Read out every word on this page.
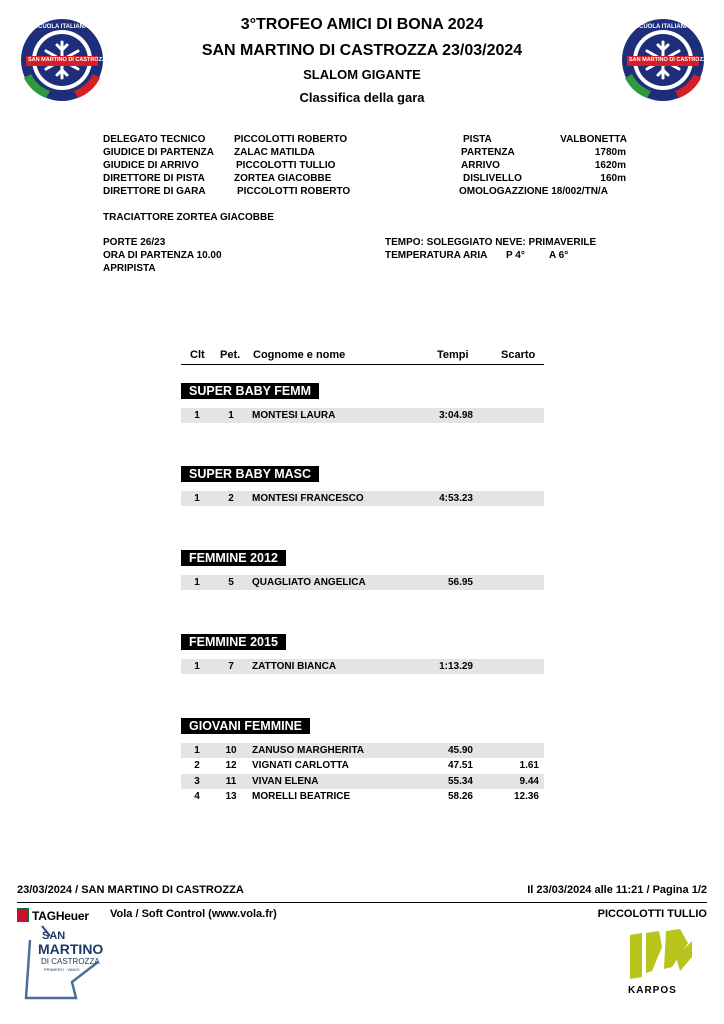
SCUOLA ITALIANA SCI
SAN MARTINO DI CASTROZZA
SCUOLA ITALIANA SCI
SAN MARTINO DI CASTROZZA
3°TROFEO AMICI DI BONA 2024
SAN MARTINO DI CASTROZZA 23/03/2024
SLALOM GIGANTE
Classifica della gara
DELEGATO TECNICO	PICCOLOTTI ROBERTO
GIUDICE DI PARTENZA ZALAC MATILDA
GIUDICE DI ARRIVO	PICCOLOTTI TULLIO
DIRETTORE DI PISTA	ZORTEA GIACOBBE
DIRETTORE DI GARA	PICCOLOTTI ROBERTO
PISTA	VALBONETTA
PARTENZA	1780m
ARRIVO	1620m
DISLIVELLO	160m
OMOLOGAZZIONE 18/002/TN/A
TRACIATTORE ZORTEA GIACOBBE
PORTE 26/23
ORA DI PARTENZA 10.00
APRIPISTA
TEMPO: SOLEGGIATO NEVE: PRIMAVERILE
TEMPERATURA ARIA P 4° A 6°
Clt Pet. Cognome e nome	Tempi	Scarto
SUPER BABY FEMM
1	1	MONTESI LAURA	3:04.98
SUPER BABY MASC
1	2	MONTESI FRANCESCO	4:53.23
FEMMINE 2012
1	5	QUAGLIATO ANGELICA	56.95
FEMMINE 2015
1	7	ZATTONI BIANCA	1:13.29
GIOVANI FEMMINE
1	10 ZANUSO MARGHERITA	45.90
2	12 VIGNATI CARLOTTA	47.51	1.61
3	11 VIVAN ELENA	55.34	9.44
4	13 MORELLI BEATRICE	58.26	12.36
23/03/2024 / SAN MARTINO DI CASTROZZA	Il 23/03/2024 alle 11:21 / Pagina 1/2
TAGHeuer Vola / Soft Control (www.vola.fr)	PICCOLOTTI TULLIO
SAN
MARTINO
DI CASTROZZA
PRIMIERO · VANOI
KARPOS
